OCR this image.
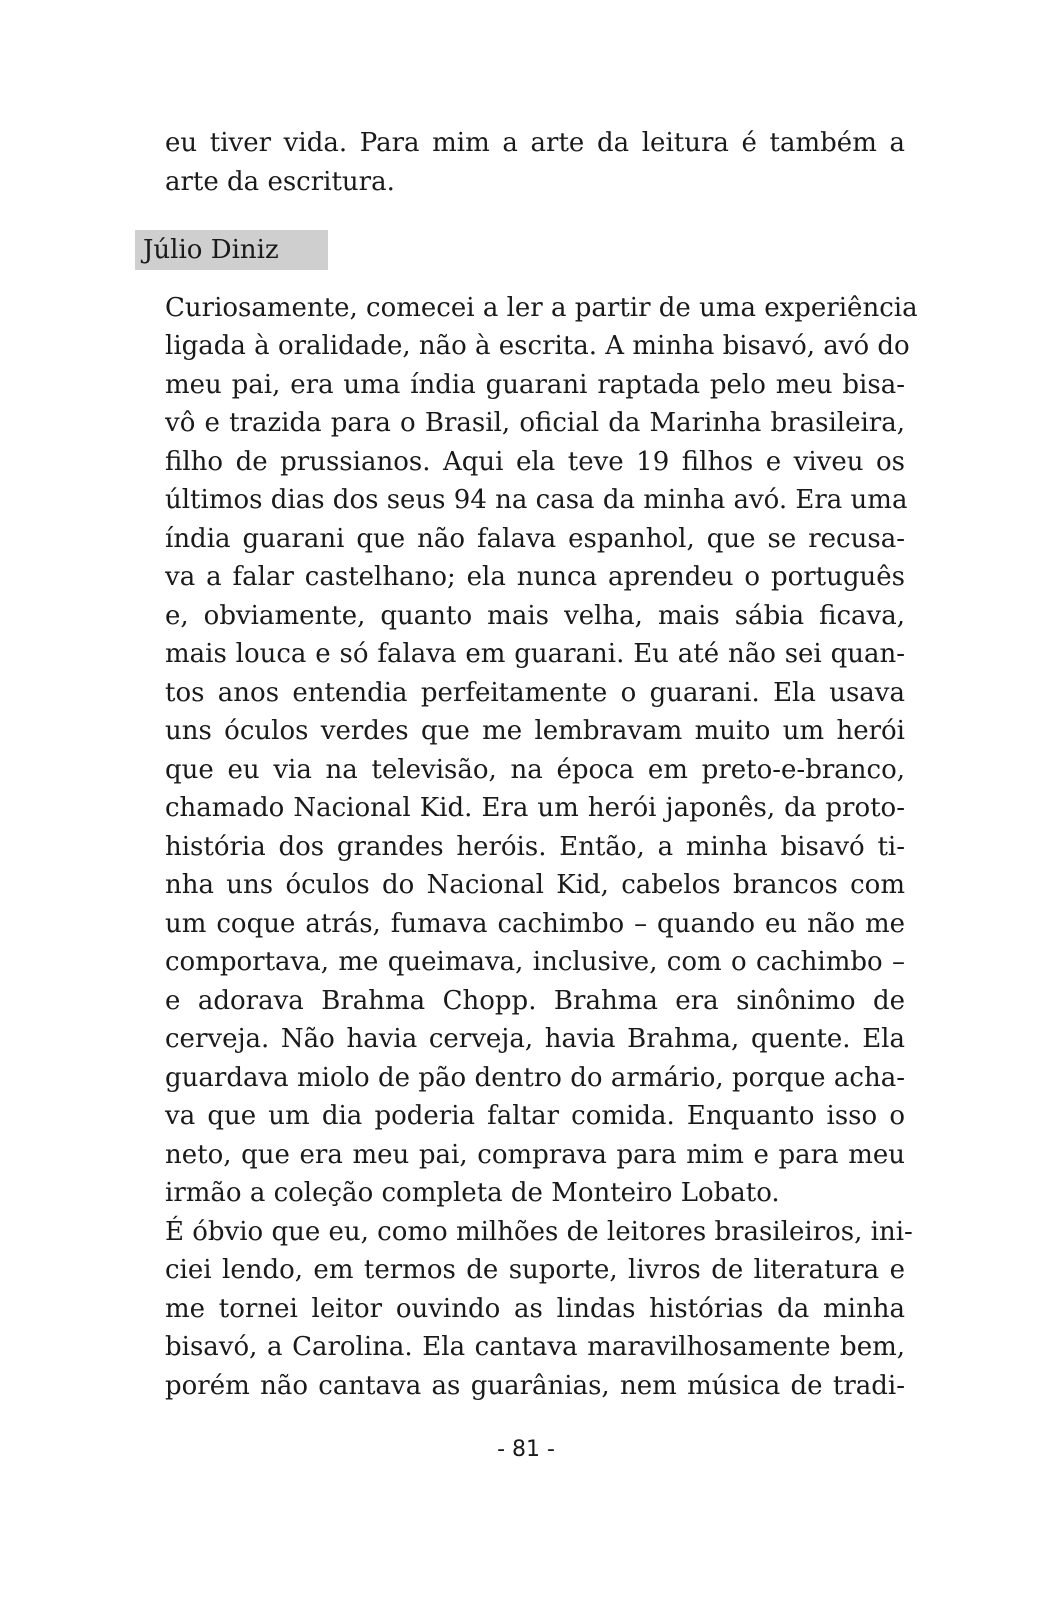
eu tiver vida. Para mim a arte da leitura é também a
arte da escritura.
Júlio Diniz
Curiosamente, comecei a ler a partir de uma experiência
ligada à oralidade, não à escrita. A minha bisavó, avó do
meu pai, era uma índia guarani raptada pelo meu bisa-
vô e trazida para o Brasil, oficial da Marinha brasileira,
filho de prussianos. Aqui ela teve 19 filhos e viveu os
últimos dias dos seus 94 na casa da minha avó. Era uma
índia guarani que não falava espanhol, que se recusa-
va a falar castelhano; ela nunca aprendeu o português
e, obviamente, quanto mais velha, mais sábia ficava,
mais louca e só falava em guarani. Eu até não sei quan-
tos anos entendia perfeitamente o guarani. Ela usava
uns óculos verdes que me lembravam muito um herói
que eu via na televisão, na época em preto-e-branco,
chamado Nacional Kid. Era um herói japonês, da proto-
história dos grandes heróis. Então, a minha bisavó ti-
nha uns óculos do Nacional Kid, cabelos brancos com
um coque atrás, fumava cachimbo – quando eu não me
comportava, me queimava, inclusive, com o cachimbo –
e adorava Brahma Chopp. Brahma era sinônimo de
cerveja. Não havia cerveja, havia Brahma, quente. Ela
guardava miolo de pão dentro do armário, porque acha-
va que um dia poderia faltar comida. Enquanto isso o
neto, que era meu pai, comprava para mim e para meu
irmão a coleção completa de Monteiro Lobato.
É óbvio que eu, como milhões de leitores brasileiros, ini-
ciei lendo, em termos de suporte, livros de literatura e
me tornei leitor ouvindo as lindas histórias da minha
bisavó, a Carolina. Ela cantava maravilhosamente bem,
porém não cantava as guarânias, nem música de tradi-
- 81 -
